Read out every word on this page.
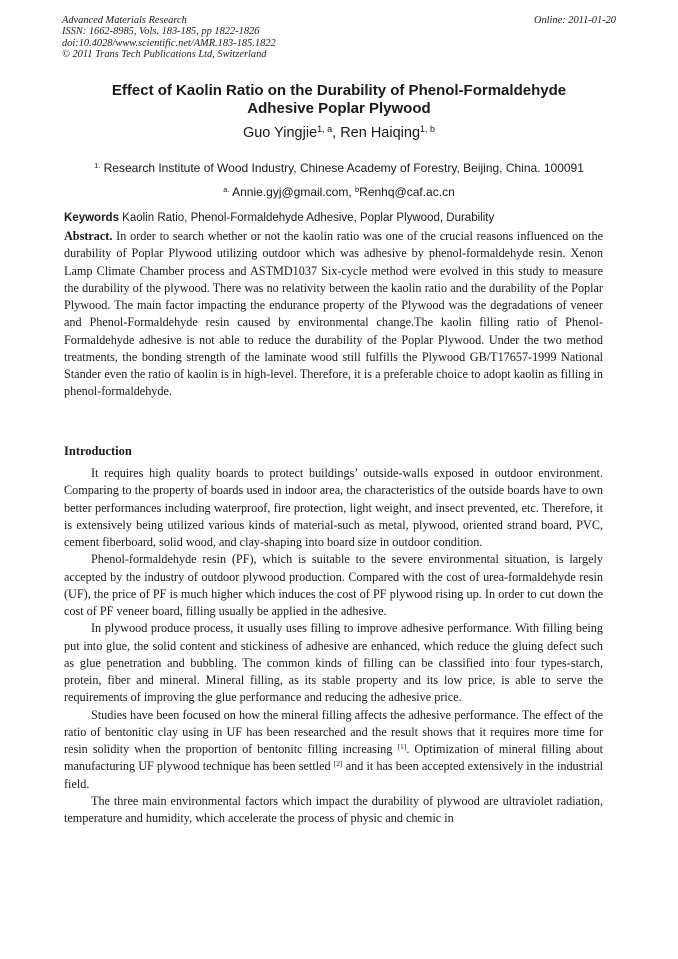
Advanced Materials Research
ISSN: 1662-8985, Vols. 183-185, pp 1822-1826
doi:10.4028/www.scientific.net/AMR.183-185.1822
© 2011 Trans Tech Publications Ltd, Switzerland
Online: 2011-01-20
Effect of Kaolin Ratio on the Durability of Phenol-Formaldehyde
Adhesive Poplar Plywood
Guo Yingjie$^{1, a}$, Ren Haiqing$^{1, b}$
$^{1.}$ Research Institute of Wood Industry, Chinese Academy of Forestry, Beijing, China. 100091
$^{a.}$ Annie.gyj@gmail.com, $^b$Renhq@caf.ac.cn
Keywords Kaolin Ratio, Phenol-Formaldehyde Adhesive, Poplar Plywood, Durability
Abstract. In order to search whether or not the kaolin ratio was one of the crucial reasons influenced on the durability of Poplar Plywood utilizing outdoor which was adhesive by phenol-formaldehyde resin. Xenon Lamp Climate Chamber process and ASTMD1037 Six-cycle method were evolved in this study to measure the durability of the plywood. There was no relativity between the kaolin ratio and the durability of the Poplar Plywood. The main factor impacting the endurance property of the Plywood was the degradations of veneer and Phenol-Formaldehyde resin caused by environmental change.The kaolin filling ratio of Phenol-Formaldehyde adhesive is not able to reduce the durability of the Poplar Plywood. Under the two method treatments, the bonding strength of the laminate wood still fulfills the Plywood GB/T17657-1999 National Stander even the ratio of kaolin is in high-level. Therefore, it is a preferable choice to adopt kaolin as filling in phenol-formaldehyde.
Introduction

It requires high quality boards to protect buildings’ outside-walls exposed in outdoor environment. Comparing to the property of boards used in indoor area, the characteristics of the outside boards have to own better performances including waterproof, fire protection, light weight, and insect prevented, etc. Therefore, it is extensively being utilized various kinds of material-such as metal, plywood, oriented strand board, PVC, cement fiberboard, solid wood, and clay-shaping into board size in outdoor condition.

Phenol-formaldehyde resin (PF), which is suitable to the severe environmental situation, is largely accepted by the industry of outdoor plywood production. Compared with the cost of urea-formaldehyde resin (UF), the price of PF is much higher which induces the cost of PF plywood rising up. In order to cut down the cost of PF veneer board, filling usually be applied in the adhesive.

In plywood produce process, it usually uses filling to improve adhesive performance. With filling being put into glue, the solid content and stickiness of adhesive are enhanced, which reduce the gluing defect such as glue penetration and bubbling. The common kinds of filling can be classified into four types-starch, protein, fiber and mineral. Mineral filling, as its stable property and its low price, is able to serve the requirements of improving the glue performance and reducing the adhesive price.

Studies have been focused on how the mineral filling affects the adhesive performance. The effect of the ratio of bentonitic clay using in UF has been researched and the result shows that it requires more time for resin solidity when the proportion of bentonitc filling increasing [1]. Optimization of mineral filling about manufacturing UF plywood technique has been settled [2] and it has been accepted extensively in the industrial field.

The three main environmental factors which impact the durability of plywood are ultraviolet radiation, temperature and humidity, which accelerate the process of physic and chemic in
